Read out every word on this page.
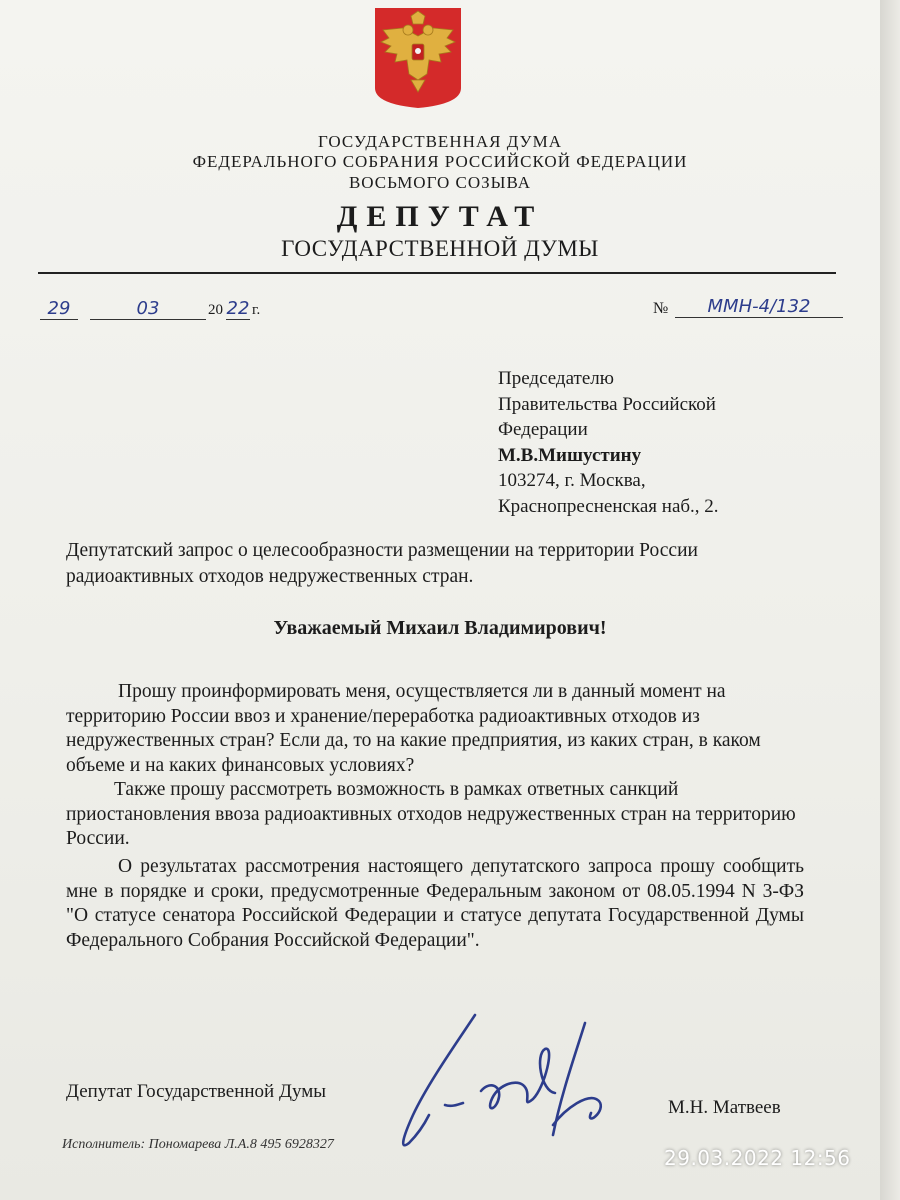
ГОСУДАРСТВЕННАЯ ДУМА
ФЕДЕРАЛЬНОГО СОБРАНИЯ РОССИЙСКОЙ ФЕДЕРАЦИИ
ВОСЬМОГО СОЗЫВА
ДЕПУТАТ
ГОСУДАРСТВЕННОЙ ДУМЫ
29	03	20 22 г.	№	ММН-4/132
Председателю
Правительства Российской
Федерации
М.В.Мишустину
103274, г. Москва,
Краснопресненская наб., 2.
Депутатский запрос о целесообразности размещении на территории России радиоактивных отходов недружественных стран.
Уважаемый Михаил Владимирович!
Прошу проинформировать меня, осуществляется ли в данный момент на территорию России ввоз и хранение/переработка радиоактивных отходов из недружественных стран? Если да, то на какие предприятия, из каких стран, в каком объеме и на каких финансовых условиях?
Также прошу рассмотреть возможность в рамках ответных санкций приостановления ввоза радиоактивных отходов недружественных стран на территорию России.
О результатах рассмотрения настоящего депутатского запроса прошу сообщить мне в порядке и сроки, предусмотренные Федеральным законом от 08.05.1994 N 3-ФЗ "О статусе сенатора Российской Федерации и статусе депутата Государственной Думы Федерального Собрания Российской Федерации".
Депутат Государственной Думы
М.Н. Матвеев
Исполнитель: Пономарева Л.А.8 495 6928327
29.03.2022 12:56
